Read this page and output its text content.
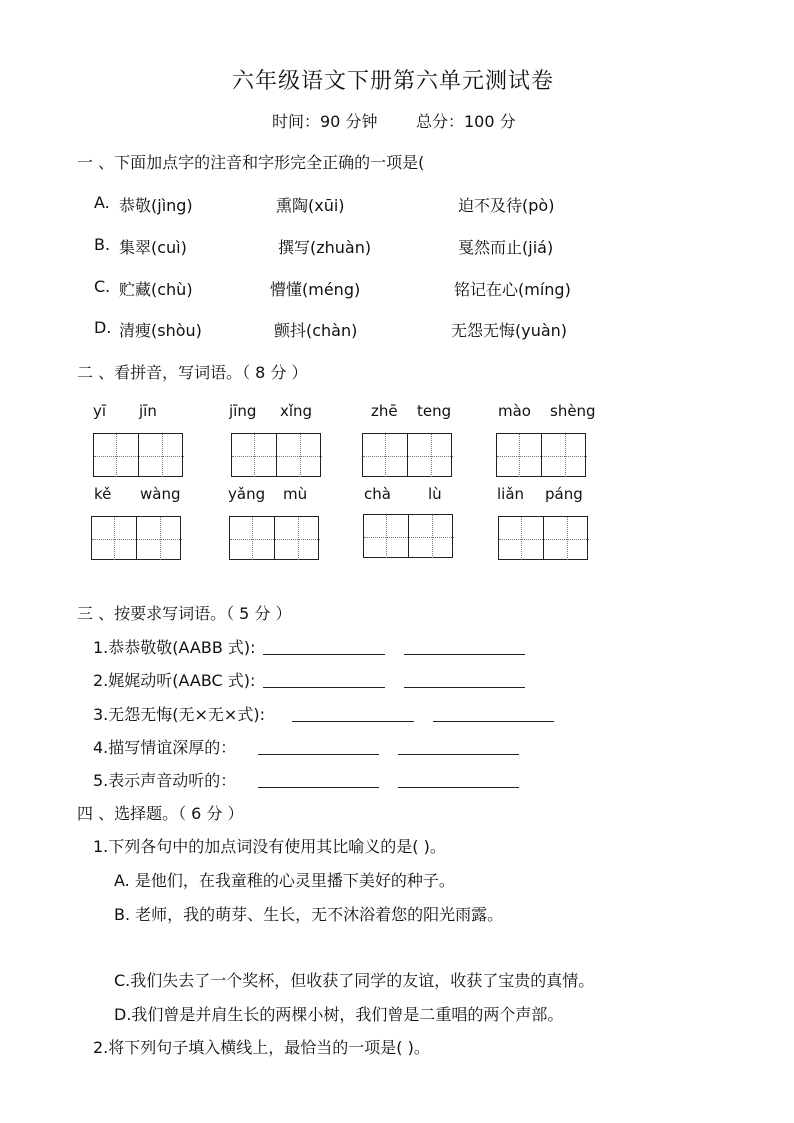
六年级语文下册第六单元测试卷
时间：90 分钟 总分：100 分
一 、下面加点字的注音和字形完全正确的一项是(
A. 恭敬(jìng)	熏陶(xūi)	迫不及待(pò)
B. 集翠(cuì)	撰写(zhuàn)	戛然而止(jiá)
C. 贮藏(chù)	懵懂(méng)	铭记在心(míng)
D. 清瘦(shòu)	颤抖(chàn)	无怨无悔(yuàn)
二 、看拼音，写词语。（ 8 分 ）
yī jīn	jīng xǐng	zhē teng	mào shèng
kě wàng	yǎng mù	chà lù	liǎn páng
三 、按要求写词语。（ 5 分 ）
1.恭恭敬敬(AABB 式):
2.娓娓动听(AABC 式):
3.无怨无悔(无×无×式):
4.描写情谊深厚的：
5.表示声音动听的：
四 、选择题。（ 6 分 ）
1.下列各句中的加点词没有使用其比喻义的是( )。
A. 是他们，在我童稚的心灵里播下美好的种子。
B. 老师，我的萌芽、生长，无不沐浴着您的阳光雨露。
C.我们失去了一个奖杯，但收获了同学的友谊，收获了宝贵的真情。
D.我们曾是并肩生长的两棵小树，我们曾是二重唱的两个声部。
2.将下列句子填入横线上，最恰当的一项是( )。
